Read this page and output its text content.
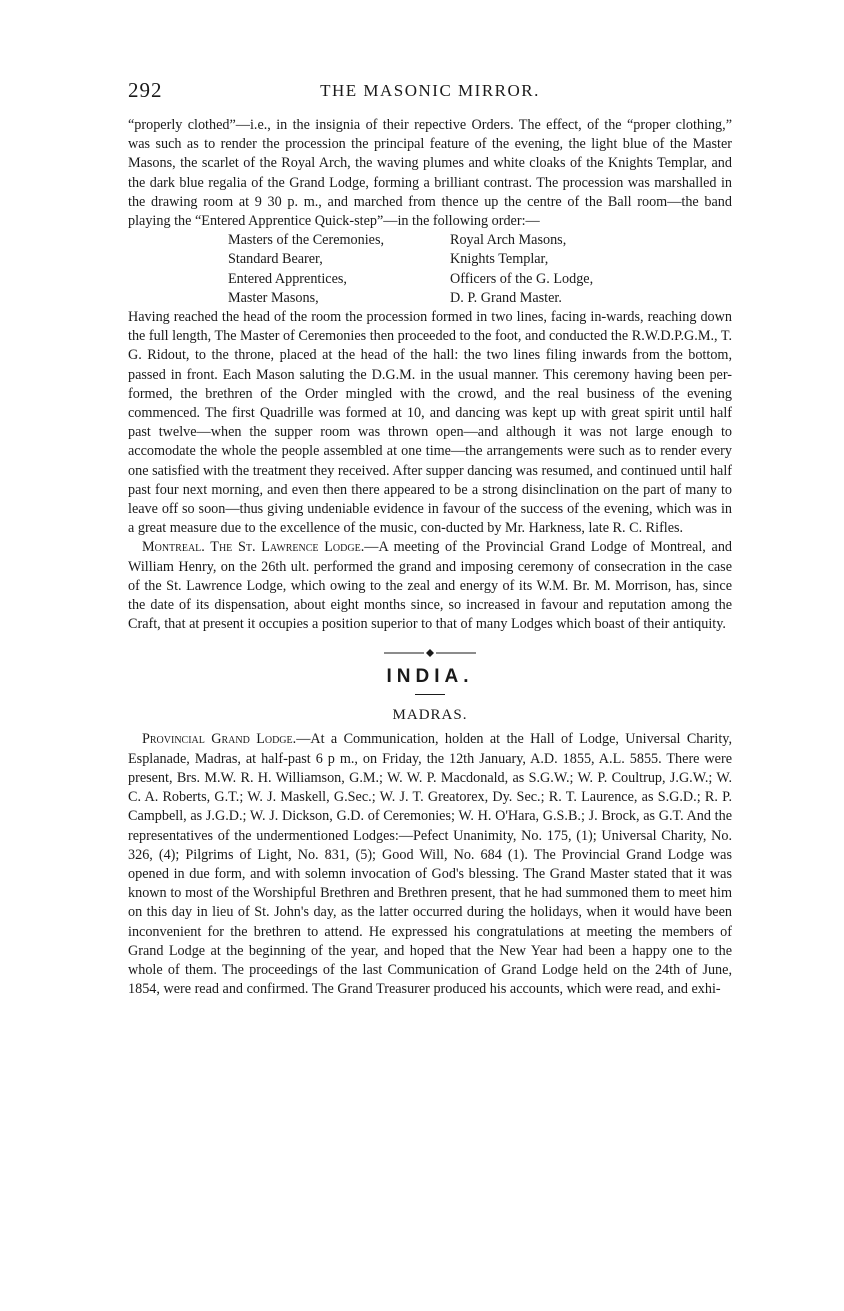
292	THE MASONIC MIRROR.

“properly clothed”—i.e., in the insignia of their repective Orders. The effect, of the “proper clothing,” was such as to render the procession the principal feature of the evening, the light blue of the Master Masons, the scarlet of the Royal Arch, the waving plumes and white cloaks of the Knights Templar, and the dark blue regalia of the Grand Lodge, forming a brilliant contrast. The procession was marshalled in the drawing room at 9 30 p. m., and marched from thence up the centre of the Ball room—the band playing the “Entered Apprentice Quick-step”—in the following order:—

Masters of the Ceremonies,	Royal Arch Masons,
Standard Bearer,	Knights Templar,
Entered Apprentices,	Officers of the G. Lodge,
Master Masons,	D. P. Grand Master.

Having reached the head of the room the procession formed in two lines, facing in-wards, reaching down the full length, The Master of Ceremonies then proceeded to the foot, and conducted the R.W.D.P.G.M., T. G. Ridout, to the throne, placed at the head of the hall: the two lines filing inwards from the bottom, passed in front. Each Mason saluting the D.G.M. in the usual manner. This ceremony having been per-formed, the brethren of the Order mingled with the crowd, and the real business of the evening commenced. The first Quadrille was formed at 10, and dancing was kept up with great spirit until half past twelve—when the supper room was thrown open—and although it was not large enough to accomodate the whole the people assembled at one time—the arrangements were such as to render every one satisfied with the treatment they received. After supper dancing was resumed, and continued until half past four next morning, and even then there appeared to be a strong disinclination on the part of many to leave off so soon—thus giving undeniable evidence in favour of the success of the evening, which was in a great measure due to the excellence of the music, con-ducted by Mr. Harkness, late R. C. Rifles.

Montreal. The St. Lawrence Lodge.—A meeting of the Provincial Grand Lodge of Montreal, and William Henry, on the 26th ult. performed the grand and imposing ceremony of consecration in the case of the St. Lawrence Lodge, which owing to the zeal and energy of its W.M. Br. M. Morrison, has, since the date of its dispensation, about eight months since, so increased in favour and reputation among the Craft, that at present it occupies a position superior to that of many Lodges which boast of their antiquity.

INDIA.
MADRAS.

Provincial Grand Lodge.—At a Communication, holden at the Hall of Lodge, Universal Charity, Esplanade, Madras, at half-past 6 p m., on Friday, the 12th January, A.D. 1855, A.L. 5855. There were present, Brs. M.W. R. H. Williamson, G.M.; W. W. P. Macdonald, as S.G.W.; W. P. Coultrup, J.G.W.; W. C. A. Roberts, G.T.; W. J. Maskell, G.Sec.; W. J. T. Greatorex, Dy. Sec.; R. T. Laurence, as S.G.D.; R. P. Campbell, as J.G.D.; W. J. Dickson, G.D. of Ceremonies; W. H. O'Hara, G.S.B.; J. Brock, as G.T. And the representatives of the undermentioned Lodges:—Pefect Unanimity, No. 175, (1); Universal Charity, No. 326, (4); Pilgrims of Light, No. 831, (5); Good Will, No. 684 (1). The Provincial Grand Lodge was opened in due form, and with solemn invocation of God's blessing. The Grand Master stated that it was known to most of the Worshipful Brethren and Brethren present, that he had summoned them to meet him on this day in lieu of St. John's day, as the latter occurred during the holidays, when it would have been inconvenient for the brethren to attend. He expressed his congratulations at meeting the members of Grand Lodge at the beginning of the year, and hoped that the New Year had been a happy one to the whole of them. The proceedings of the last Communication of Grand Lodge held on the 24th of June, 1854, were read and confirmed. The Grand Treasurer produced his accounts, which were read, and exhi-
